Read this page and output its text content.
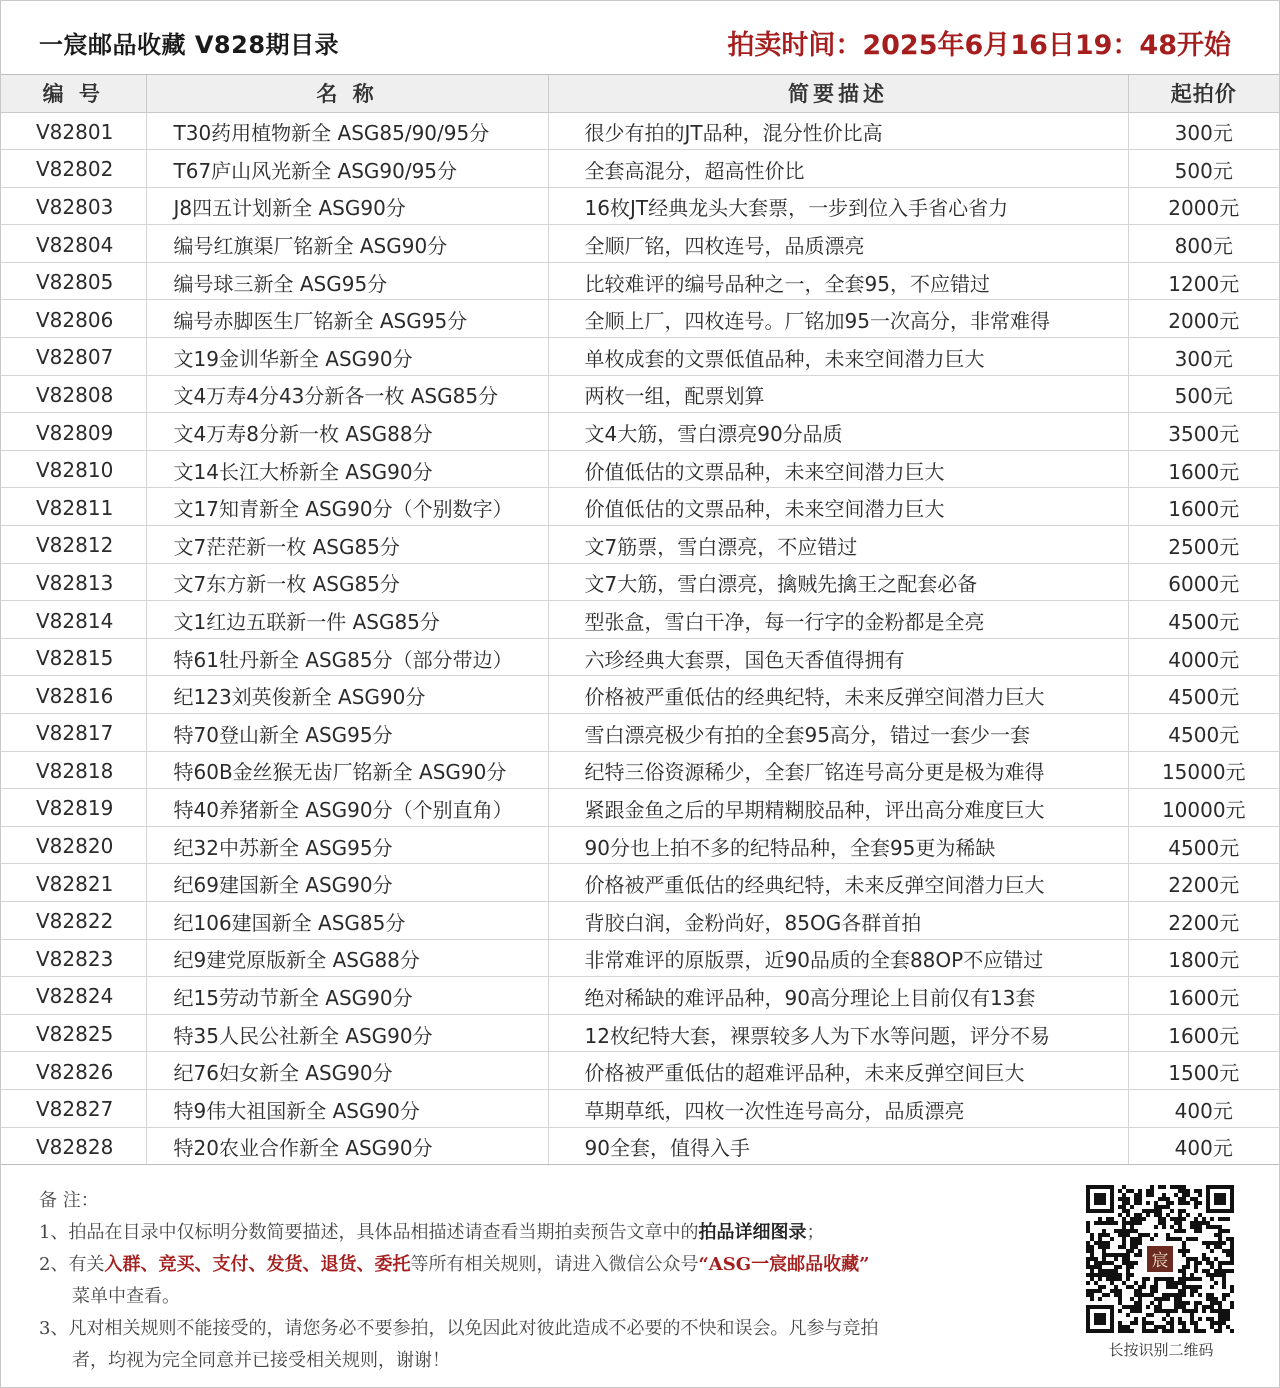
一宸邮品收藏 V828期目录	拍卖时间：2025年6月16日19：48开始
编 号	名 称	简要描述	起拍价
V82801	T30药用植物新全 ASG85/90/95分	很少有拍的JT品种，混分性价比高	300元
V82802	T67庐山风光新全 ASG90/95分	全套高混分，超高性价比	500元
V82803	J8四五计划新全 ASG90分	16枚JT经典龙头大套票，一步到位入手省心省力	2000元
V82804	编号红旗渠厂铭新全 ASG90分	全顺厂铭，四枚连号，品质漂亮	800元
V82805	编号球三新全 ASG95分	比较难评的编号品种之一，全套95，不应错过	1200元
V82806	编号赤脚医生厂铭新全 ASG95分	全顺上厂，四枚连号。厂铭加95一次高分，非常难得	2000元
V82807	文19金训华新全 ASG90分	单枚成套的文票低值品种，未来空间潜力巨大	300元
V82808	文4万寿4分43分新各一枚 ASG85分	两枚一组，配票划算	500元
V82809	文4万寿8分新一枚 ASG88分	文4大筋，雪白漂亮90分品质	3500元
V82810	文14长江大桥新全 ASG90分	价值低估的文票品种，未来空间潜力巨大	1600元
V82811	文17知青新全 ASG90分（个别数字）	价值低估的文票品种，未来空间潜力巨大	1600元
V82812	文7茫茫新一枚 ASG85分	文7筋票，雪白漂亮，不应错过	2500元
V82813	文7东方新一枚 ASG85分	文7大筋，雪白漂亮，擒贼先擒王之配套必备	6000元
V82814	文1红边五联新一件 ASG85分	型张盒，雪白干净，每一行字的金粉都是全亮	4500元
V82815	特61牡丹新全 ASG85分（部分带边）	六珍经典大套票，国色天香值得拥有	4000元
V82816	纪123刘英俊新全 ASG90分	价格被严重低估的经典纪特，未来反弹空间潜力巨大	4500元
V82817	特70登山新全 ASG95分	雪白漂亮极少有拍的全套95高分，错过一套少一套	4500元
V82818	特60B金丝猴无齿厂铭新全 ASG90分	纪特三俗资源稀少，全套厂铭连号高分更是极为难得	15000元
V82819	特40养猪新全 ASG90分（个别直角）	紧跟金鱼之后的早期精糊胶品种，评出高分难度巨大	10000元
V82820	纪32中苏新全 ASG95分	90分也上拍不多的纪特品种，全套95更为稀缺	4500元
V82821	纪69建国新全 ASG90分	价格被严重低估的经典纪特，未来反弹空间潜力巨大	2200元
V82822	纪106建国新全 ASG85分	背胶白润，金粉尚好，85OG各群首拍	2200元
V82823	纪9建党原版新全 ASG88分	非常难评的原版票，近90品质的全套88OP不应错过	1800元
V82824	纪15劳动节新全 ASG90分	绝对稀缺的难评品种，90高分理论上目前仅有13套	1600元
V82825	特35人民公社新全 ASG90分	12枚纪特大套，裸票较多人为下水等问题，评分不易	1600元
V82826	纪76妇女新全 ASG90分	价格被严重低估的超难评品种，未来反弹空间巨大	1500元
V82827	特9伟大祖国新全 ASG90分	草期草纸，四枚一次性连号高分，品质漂亮	400元
V82828	特20农业合作新全 ASG90分	90全套，值得入手	400元
备 注：
1、拍品在目录中仅标明分数简要描述，具体品相描述请查看当期拍卖预告文章中的拍品详细图录；
2、有关入群、竞买、支付、发货、退货、委托等所有相关规则，请进入微信公众号“ASG一宸邮品收藏”
菜单中查看。
3、凡对相关规则不能接受的，请您务必不要参拍，以免因此对彼此造成不必要的不快和误会。凡参与竞拍
者，均视为完全同意并已接受相关规则，谢谢！
宸
长按识别二维码
